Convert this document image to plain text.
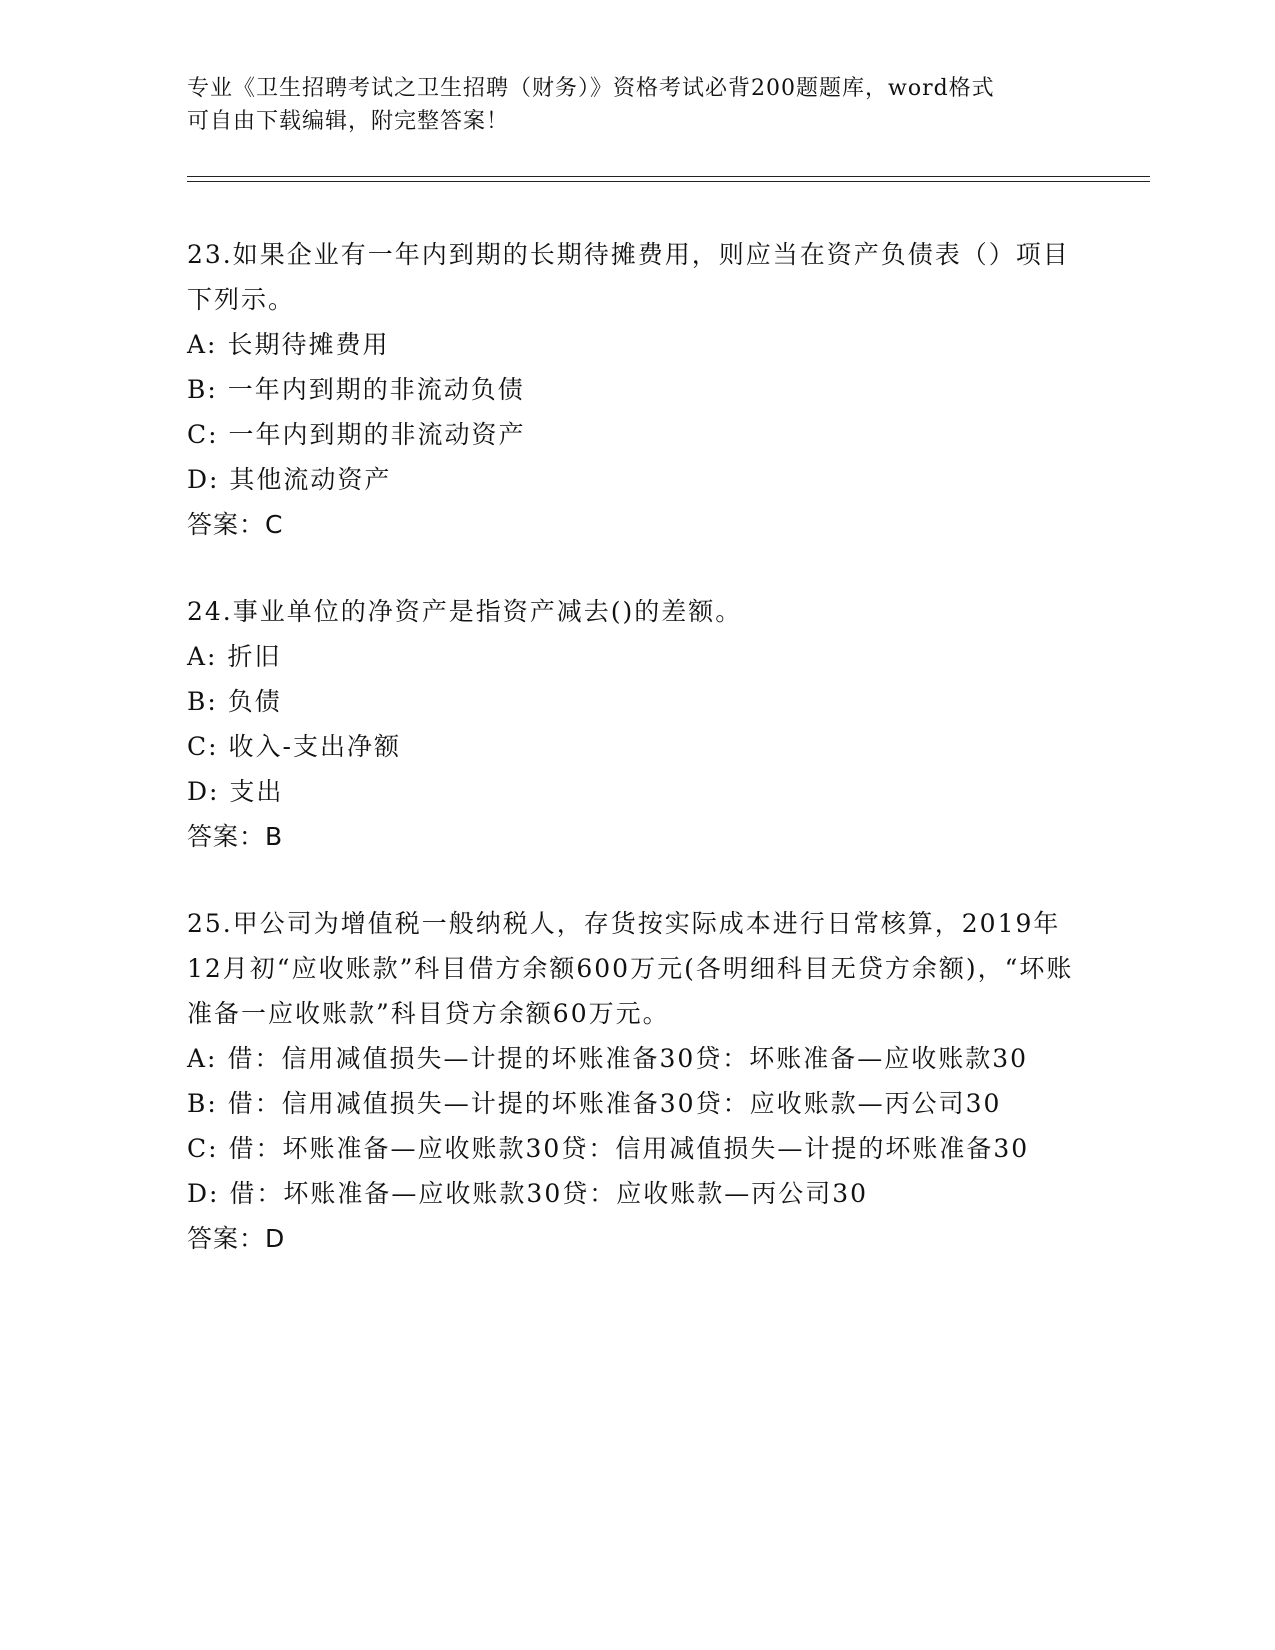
专业《卫生招聘考试之卫生招聘（财务）》资格考试必背200题题库，word格式
可自由下载编辑，附完整答案！
23.如果企业有一年内到期的长期待摊费用，则应当在资产负债表（）项目下列示。
A:
长期待摊费用
B:
一年内到期的非流动负债
C:
一年内到期的非流动资产
D:
其他流动资产
答案：C
24.事业单位的净资产是指资产减去()的差额。
A:
折旧
B:
负债
C:
收入-支出净额
D:
支出
答案：B
25.甲公司为增值税一般纳税人，存货按实际成本进行日常核算，2019年12月初“应收账款”科目借方余额600万元(各明细科目无贷方余额)，“坏账准备一应收账款”科目贷方余额60万元。
A: 借：信用减值损失—计提的坏账准备30贷：坏账准备—应收账款30
B: 借：信用减值损失—计提的坏账准备30贷：应收账款—丙公司30
C: 借：坏账准备—应收账款30贷：信用减值损失—计提的坏账准备30
D: 借：坏账准备—应收账款30贷：应收账款—丙公司30
答案：D
